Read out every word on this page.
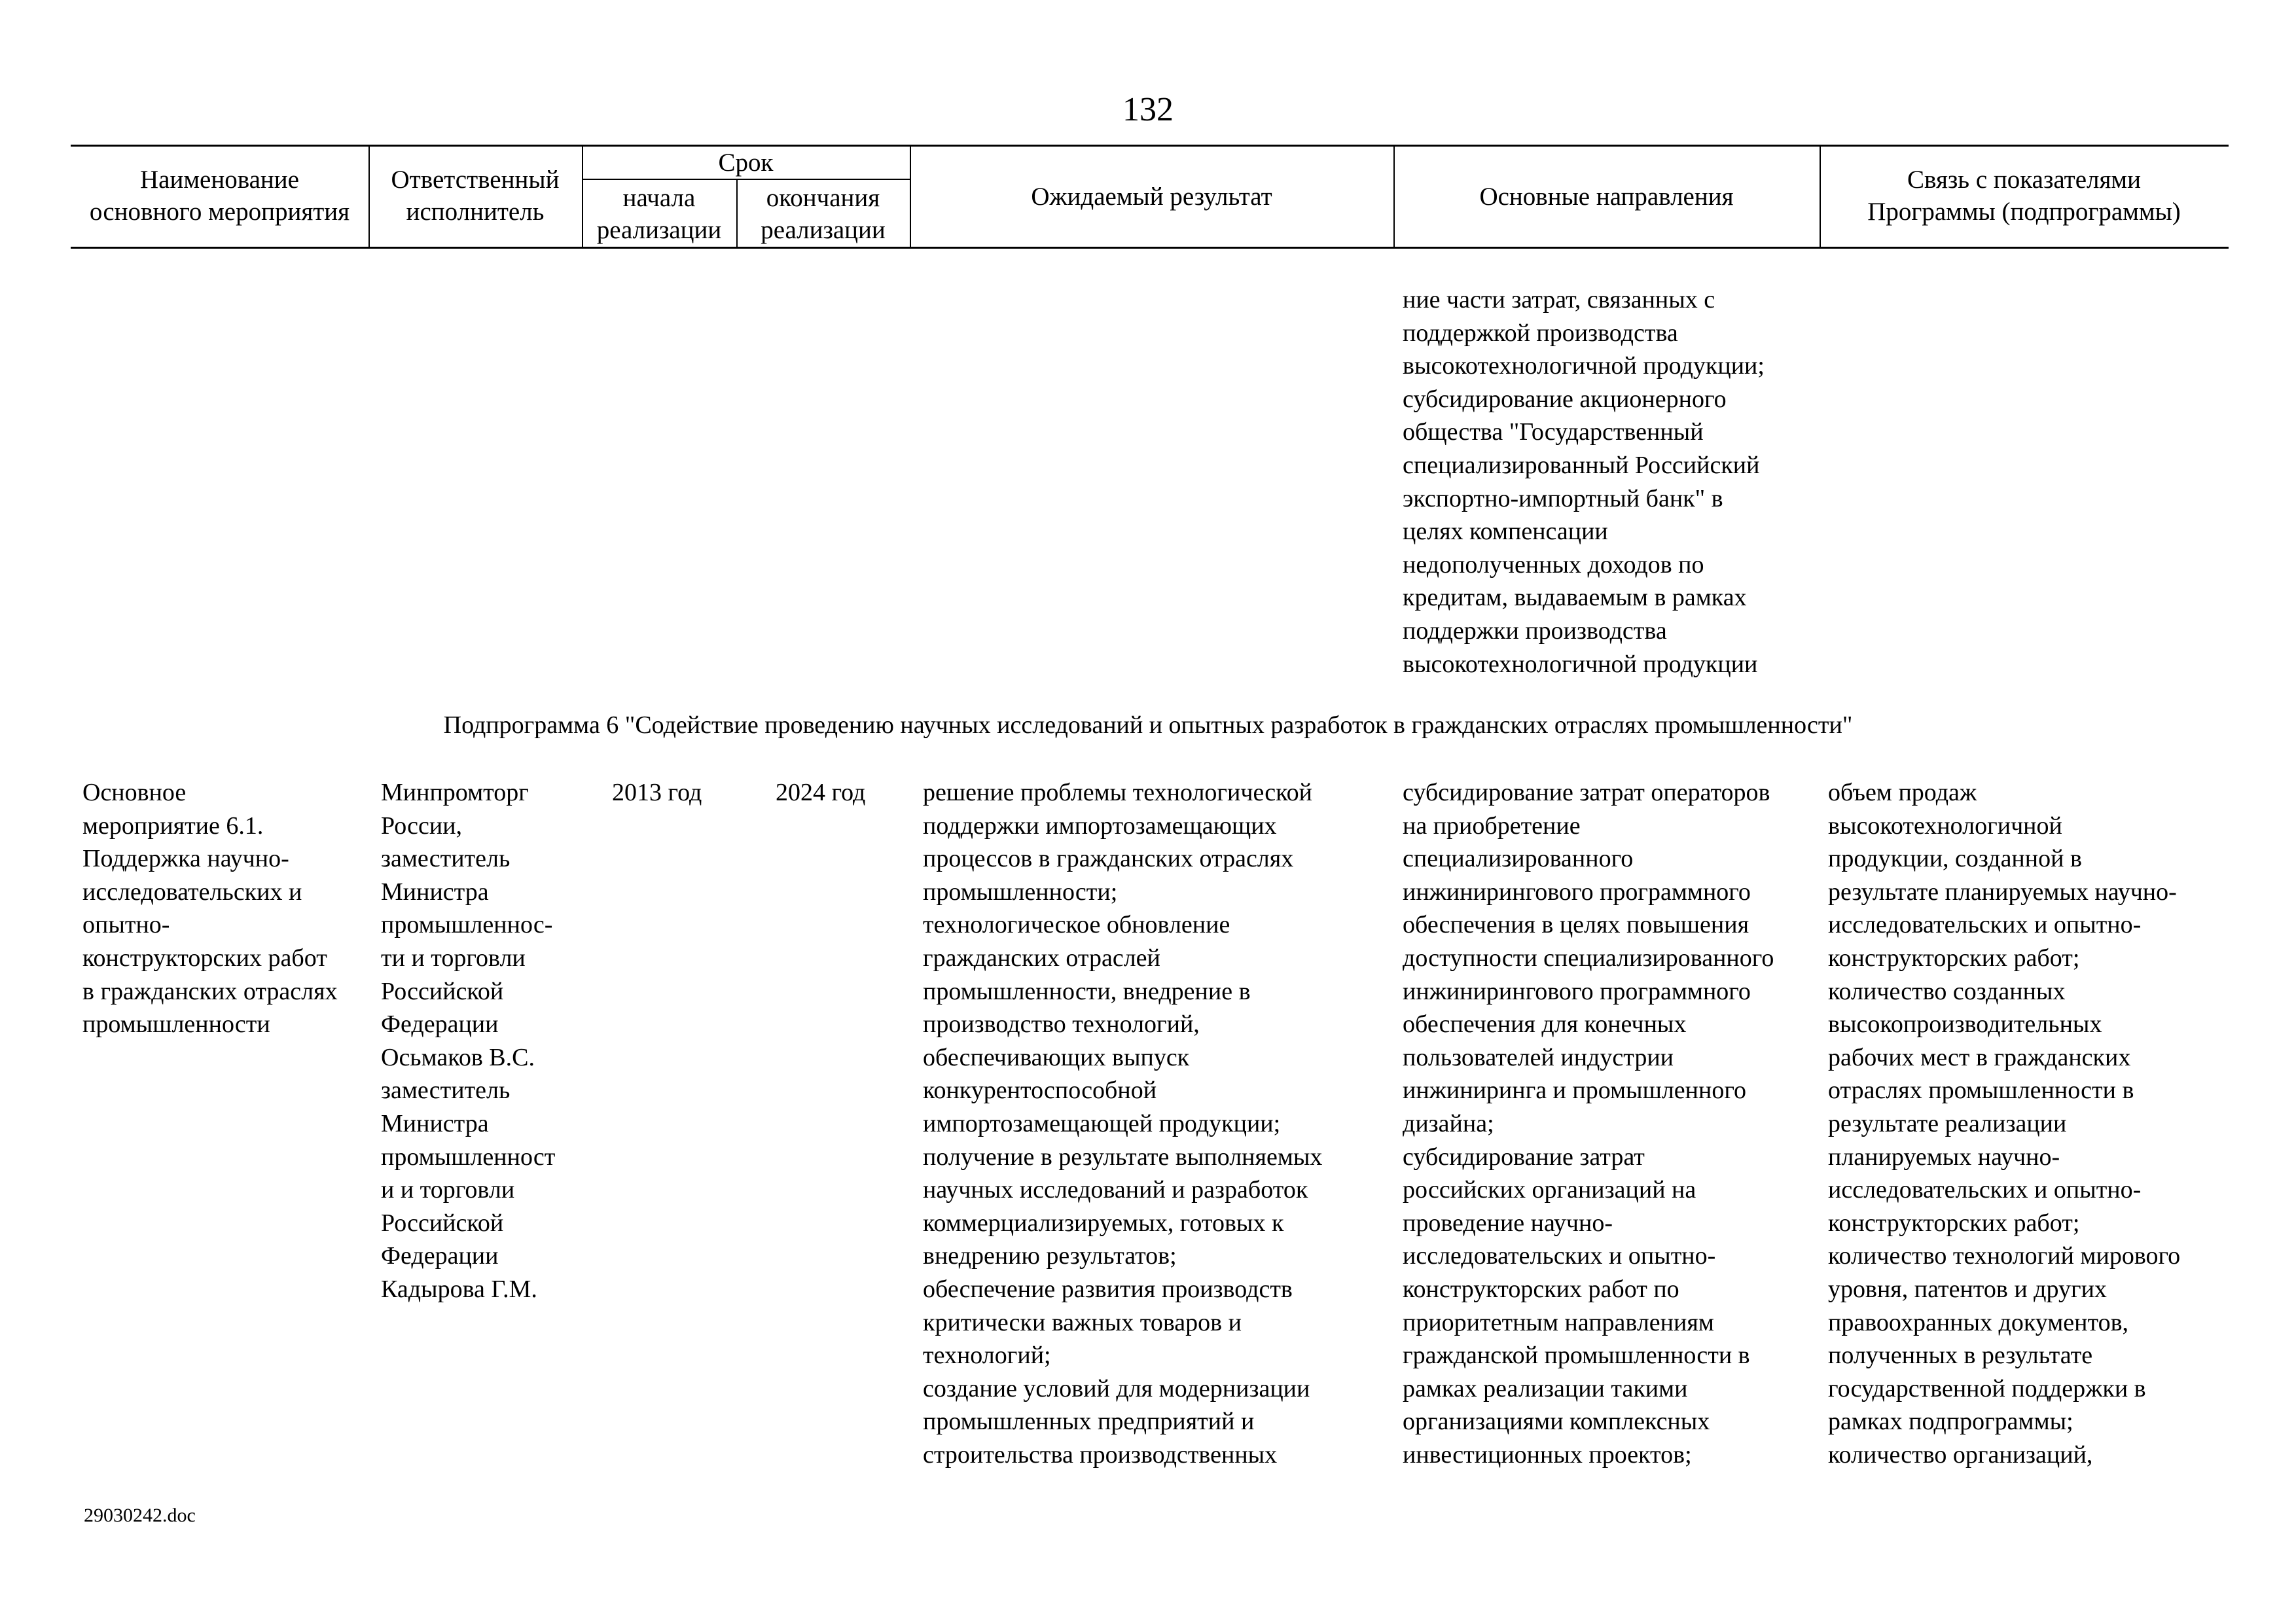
132
Наименование
основного мероприятия
Ответственный
исполнитель
Срок
начала
реализации
окончания
реализации
Ожидаемый результат	Основные направления
Связь с показателями
Программы (подпрограммы)
ние части затрат, связанных с
поддержкой производства
высокотехнологичной продукции;
субсидирование акционерного
общества "Государственный
специализированный Российский
экспортно-импортный банк" в
целях компенсации
недополученных доходов по
кредитам, выдаваемым в рамках
поддержки производства
высокотехнологичной продукции
Подпрограмма 6 "Содействие проведению научных исследований и опытных разработок в гражданских отраслях промышленности"
Основное
мероприятие 6.1.
Поддержка научно-
исследовательских и
опытно-
конструкторских работ
в гражданских отраслях
промышленности
Минпромторг
России,
заместитель
Министра
промышленнос-
ти и торговли
Российской
Федерации
Осьмаков В.С.
заместитель
Министра
промышленност
и и торговли
Российской
Федерации
Кадырова Г.М.
2013 год	2024 год решение проблемы технологической
поддержки импортозамещающих
процессов в гражданских отраслях
промышленности;
технологическое обновление
гражданских отраслей
промышленности, внедрение в
производство технологий,
обеспечивающих выпуск
конкурентоспособной
импортозамещающей продукции;
получение в результате выполняемых
научных исследований и разработок
коммерциализируемых, готовых к
внедрению результатов;
обеспечение развития производств
критически важных товаров и
технологий;
создание условий для модернизации
промышленных предприятий и
строительства производственных
субсидирование затрат операторов
на приобретение
специализированного
инжинирингового программного
обеспечения в целях повышения
доступности специализированного
инжинирингового программного
обеспечения для конечных
пользователей индустрии
инжиниринга и промышленного
дизайна;
субсидирование затрат
российских организаций на
проведение научно-
исследовательских и опытно-
конструкторских работ по
приоритетным направлениям
гражданской промышленности в
рамках реализации такими
организациями комплексных
инвестиционных проектов;
объем продаж
высокотехнологичной
продукции, созданной в
результате планируемых научно-
исследовательских и опытно-
конструкторских работ;
количество созданных
высокопроизводительных
рабочих мест в гражданских
отраслях промышленности в
результате реализации
планируемых научно-
исследовательских и опытно-
конструкторских работ;
количество технологий мирового
уровня, патентов и других
правоохранных документов,
полученных в результате
государственной поддержки в
рамках подпрограммы;
количество организаций,
29030242.doc
